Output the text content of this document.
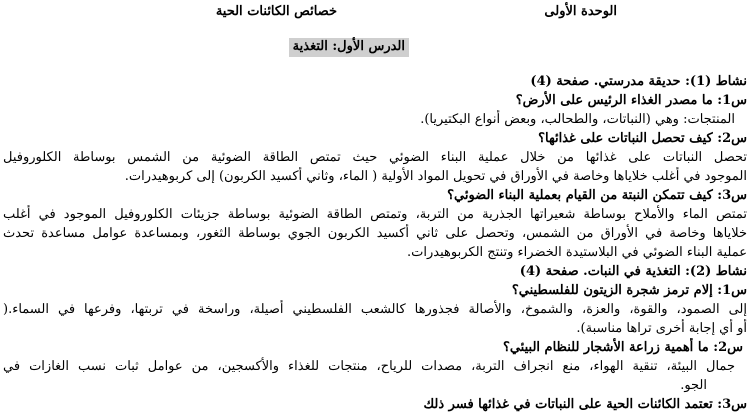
الوحدة الأولى
خصائص الكائنات الحية
الدرس الأول: التغذية
نشاط (1): حديقة مدرستي. صفحة (4)
س1: ما مصدر الغذاء الرئيس على الأرض؟
المنتجات: وهي (النباتات، والطحالب، وبعض أنواع البكتيريا).
س2: كيف تحصل النباتات على غذائها؟
تحصل النباتات على غذائها من خلال عملية البناء الضوئي حيث تمتص الطاقة الضوئية من الشمس بوساطة الكلوروفيل
الموجود في أغلب خلاياها وخاصة في الأوراق في تحويل المواد الأولية ( الماء، وثاني أكسيد الكربون) إلى كربوهيدرات.
س3: كيف تتمكن النبتة من القيام بعملية البناء الضوئي؟
تمتص الماء والأملاح بوساطة شعيراتها الجذرية من التربة، وتمتص الطاقة الضوئية بوساطة جزيئات الكلوروفيل الموجود في أغلب
خلاياها وخاصة في الأوراق من الشمس، وتحصل على ثاني أكسيد الكربون الجوي بوساطة الثغور، وبمساعدة عوامل مساعدة تحدث
عملية البناء الضوئي في البلاستيدة الخضراء وتنتج الكربوهيدرات.
نشاط (2): التغذية في النبات. صفحة (4)
س1: إلام ترمز شجرة الزيتون للفلسطيني؟
إلى الصمود، والقوة، والعزة، والشموخ، والأصالة فجذورها كالشعب الفلسطيني أصيلة، وراسخة في تربتها، وفرعها في السماء.(
أو أي إجابة أخرى تراها مناسبة).
س2: ما أهمية زراعة الأشجار للنظام البيئي؟
جمال البيئة، تنقية الهواء، منع انجراف التربة، مصدات للرياح، منتجات للغذاء والأكسجين، من عوامل ثبات نسب الغازات في
الجو.
س3: تعتمد الكائنات الحية على النباتات في غذائها فسر ذلك
